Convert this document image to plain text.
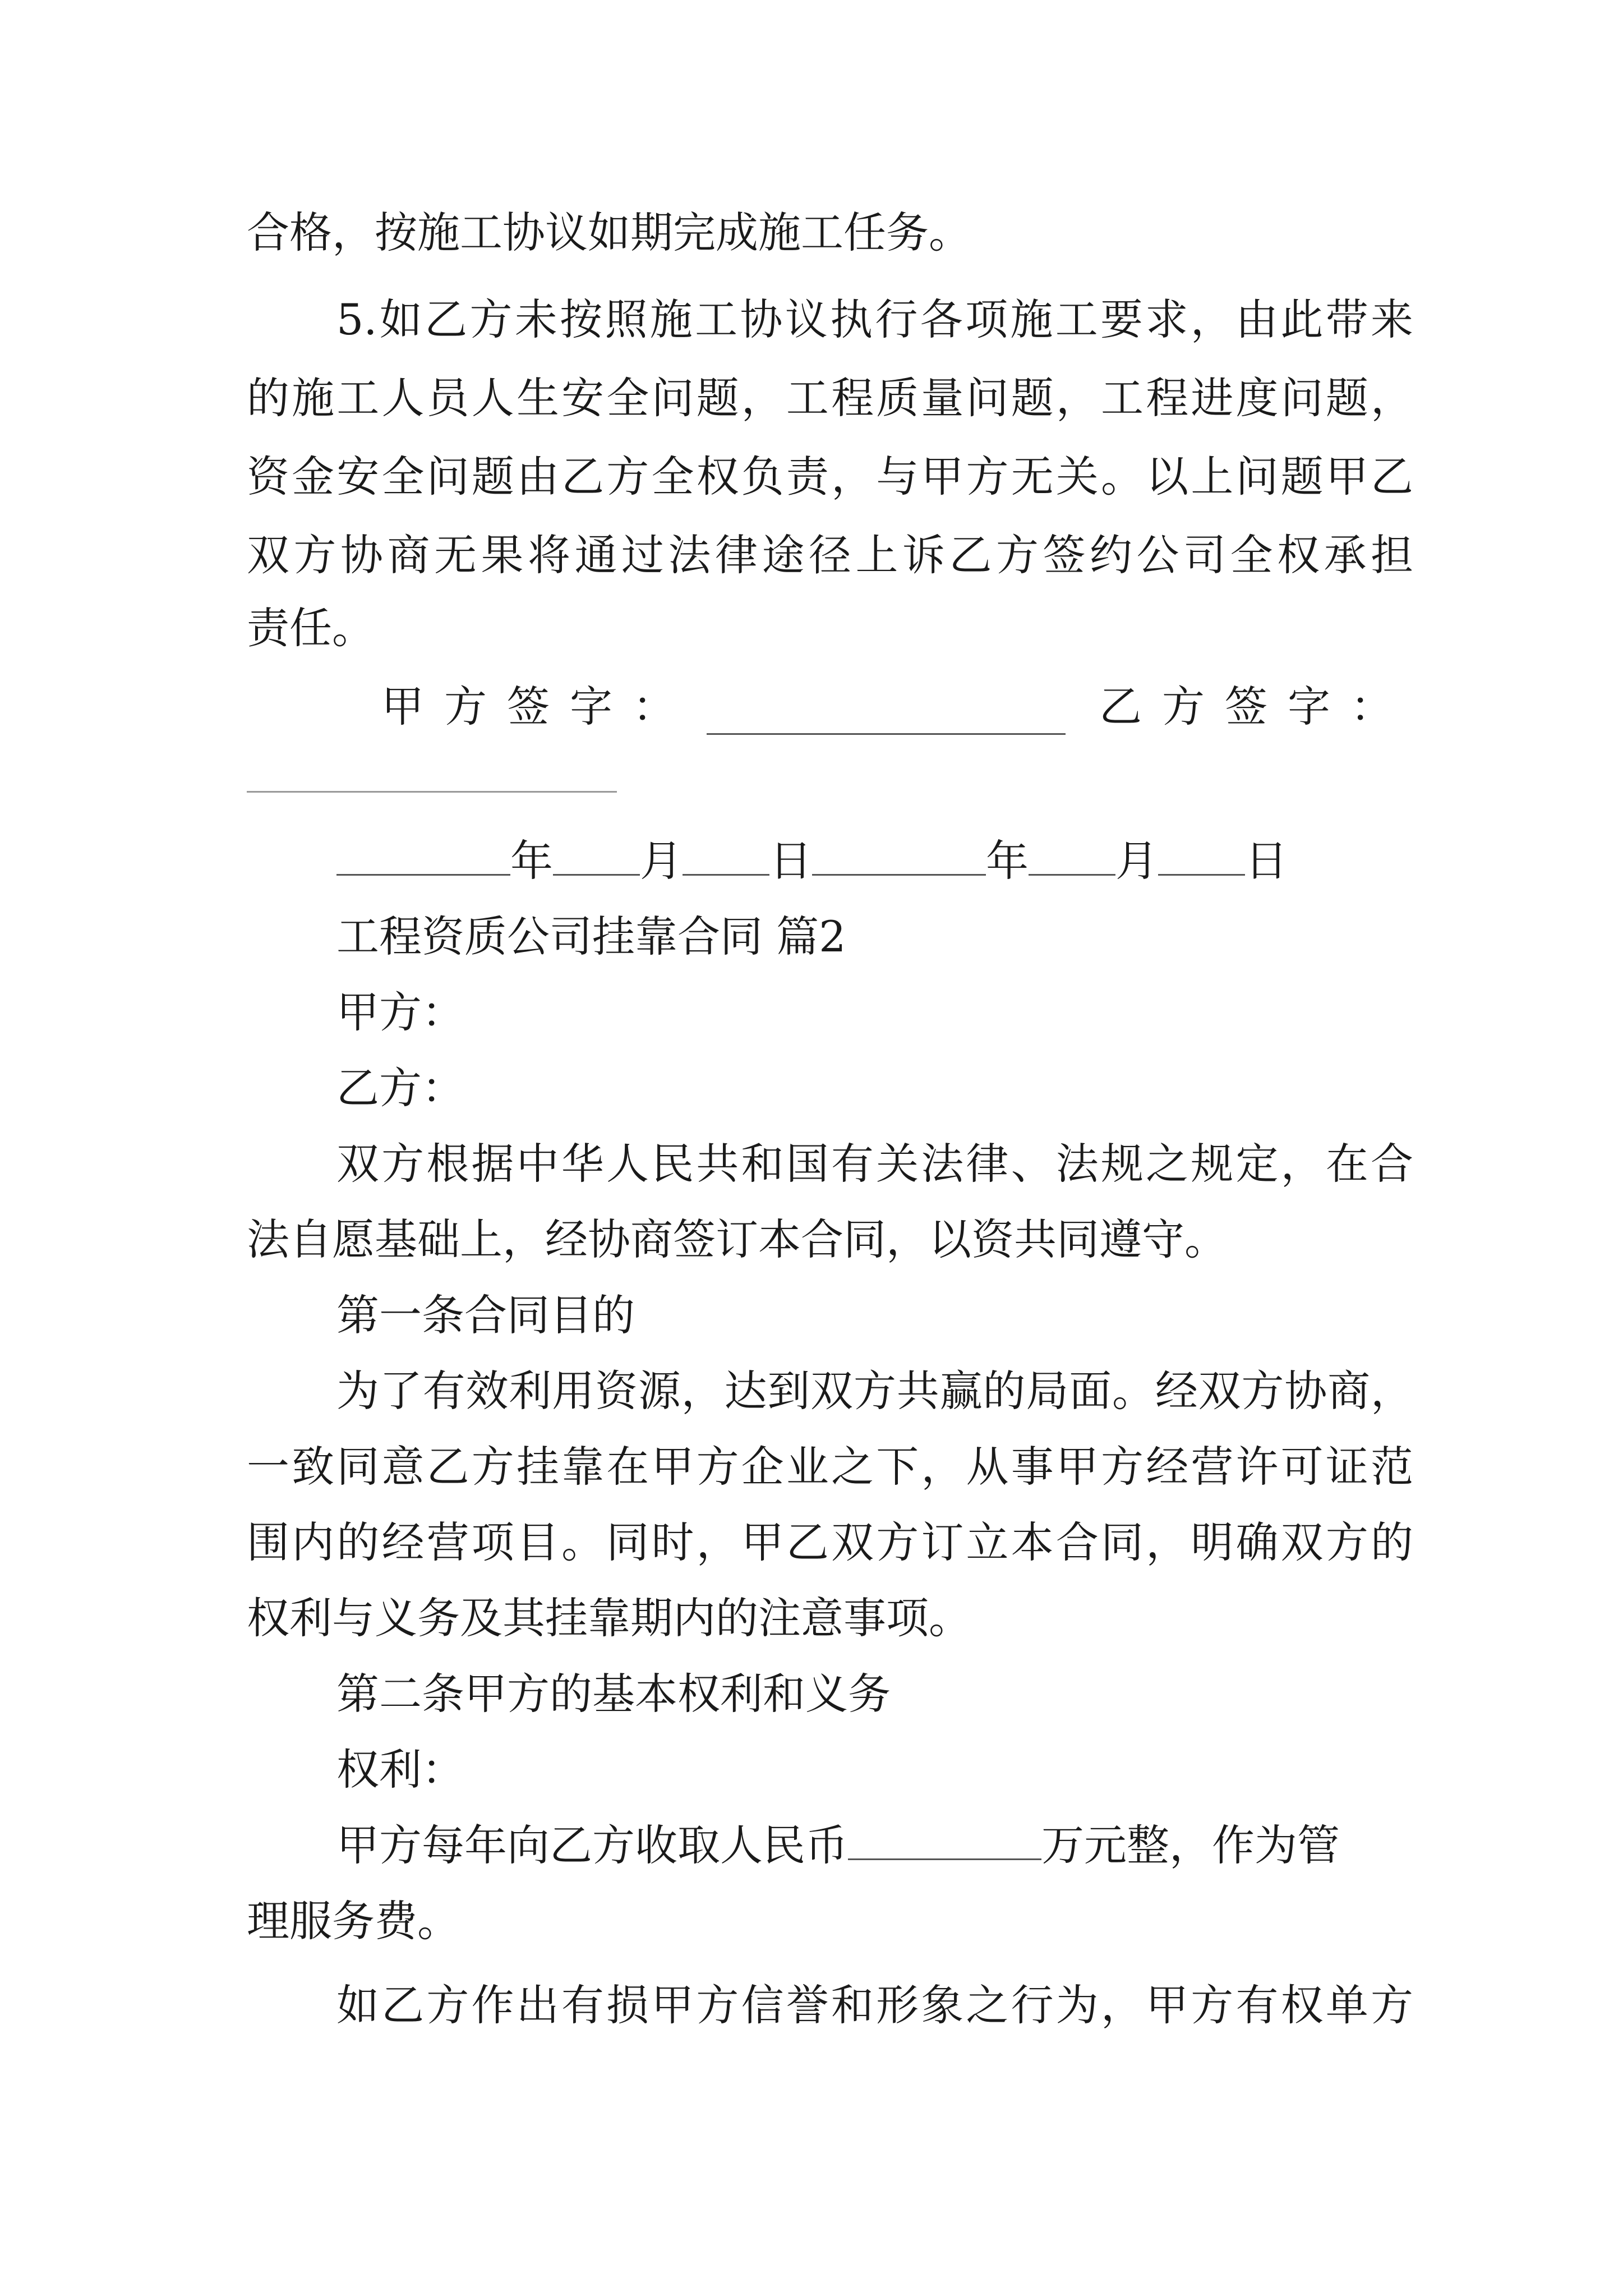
合格，按施工协议如期完成施工任务。
5.如乙方未按照施工协议执行各项施工要求，由此带来
的施工人员人生安全问题，工程质量问题，工程进度问题，
资金安全问题由乙方全权负责，与甲方无关。以上问题甲乙
双方协商无果将通过法律途径上诉乙方签约公司全权承担
责任。
甲方签字：	乙方签字：
年 月 日	年 月 日
工程资质公司挂靠合同 篇2
甲方：
乙方：
双方根据中华人民共和国有关法律、法规之规定，在合
法自愿基础上，经协商签订本合同，以资共同遵守。
第一条合同目的
为了有效利用资源，达到双方共赢的局面。经双方协商，
一致同意乙方挂靠在甲方企业之下，从事甲方经营许可证范
围内的经营项目。同时，甲乙双方订立本合同，明确双方的
权利与义务及其挂靠期内的注意事项。
第二条甲方的基本权利和义务
权利：
甲方每年向乙方收取人民币	万元整，作为管
理服务费。
如乙方作出有损甲方信誉和形象之行为，甲方有权单方
